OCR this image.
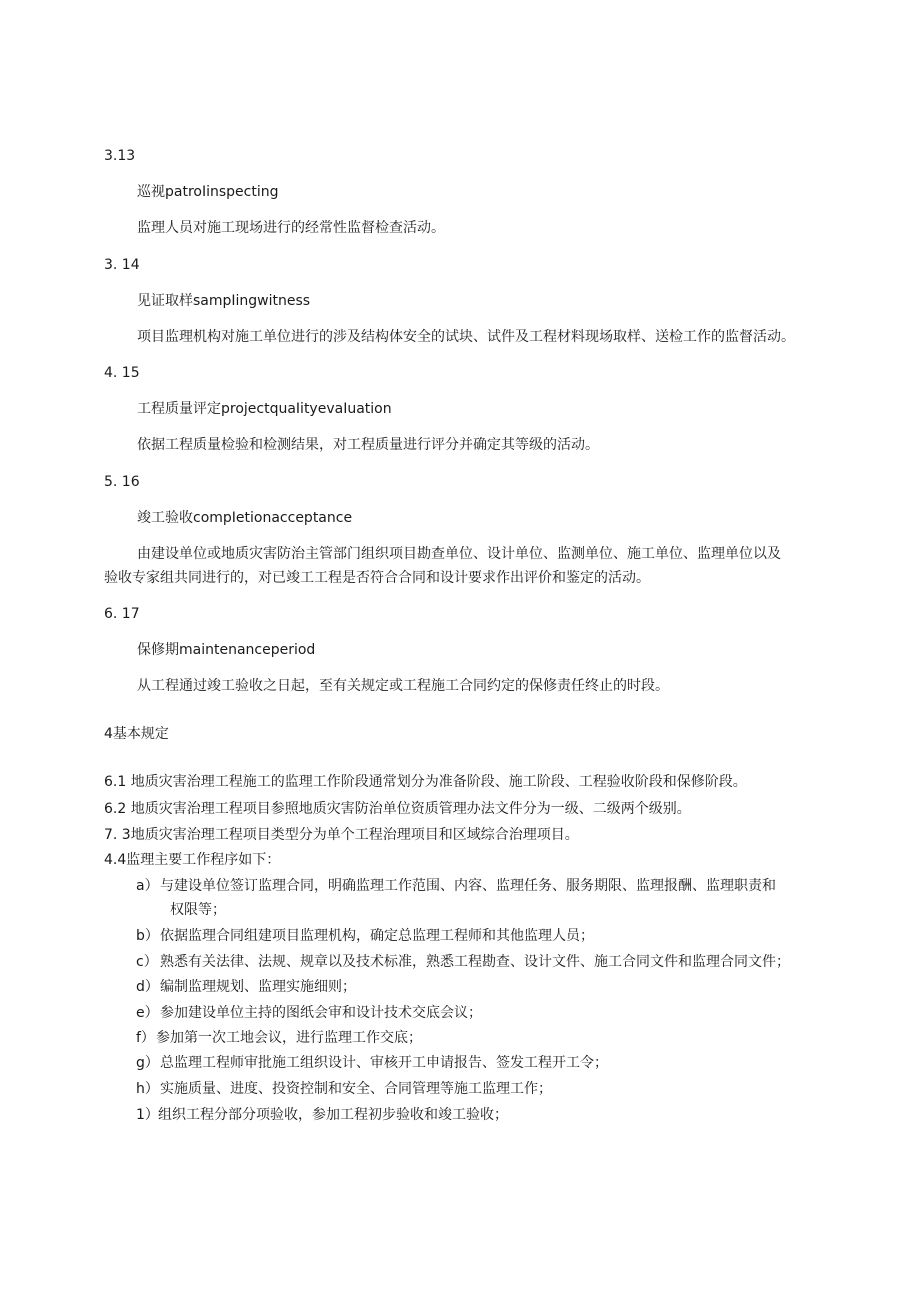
3.13
巡视patroIinspecting
监理人员对施工现场进行的经常性监督检查活动。
3. 14
见证取样sampIingwitness
项目监理机构对施工单位进行的涉及结构体安全的试块、试件及工程材料现场取样、送检工作的监督活动。
4. 15
工程质量评定projectquaIityevaIuation
依据工程质量检验和检测结果，对工程质量进行评分并确定其等级的活动。
5. 16
竣工验收compIetionacceptance
由建设单位或地质灾害防治主管部门组织项目勘查单位、设计单位、监测单位、施工单位、监理单位以及
验收专家组共同进行的，对已竣工工程是否符合合同和设计要求作出评价和鉴定的活动。
6. 17
保修期maintenanceperiod
从工程通过竣工验收之日起，至有关规定或工程施工合同约定的保修责任终止的时段。
4基本规定
6.1 地质灾害治理工程施工的监理工作阶段通常划分为准备阶段、施工阶段、工程验收阶段和保修阶段。
6.2 地质灾害治理工程项目参照地质灾害防治单位资质管理办法文件分为一级、二级两个级别。
7. 3地质灾害治理工程项目类型分为单个工程治理项目和区域综合治理项目。
4.4监理主要工作程序如下：
a） 与建设单位签订监理合同，明确监理工作范围、内容、监理任务、服务期限、监理报酬、监理职责和
权限等；
b） 依据监理合同组建项目监理机构，确定总监理工程师和其他监理人员；
c） 熟悉有关法律、法规、规章以及技术标准，熟悉工程勘查、设计文件、施工合同文件和监理合同文件；
d） 编制监理规划、监理实施细则；
e） 参加建设单位主持的图纸会审和设计技术交底会议；
f） 参加第一次工地会议，进行监理工作交底；
g） 总监理工程师审批施工组织设计、审核开工申请报告、签发工程开工令；
h） 实施质量、进度、投资控制和安全、合同管理等施工监理工作；
1） 组织工程分部分项验收，参加工程初步验收和竣工验收；
